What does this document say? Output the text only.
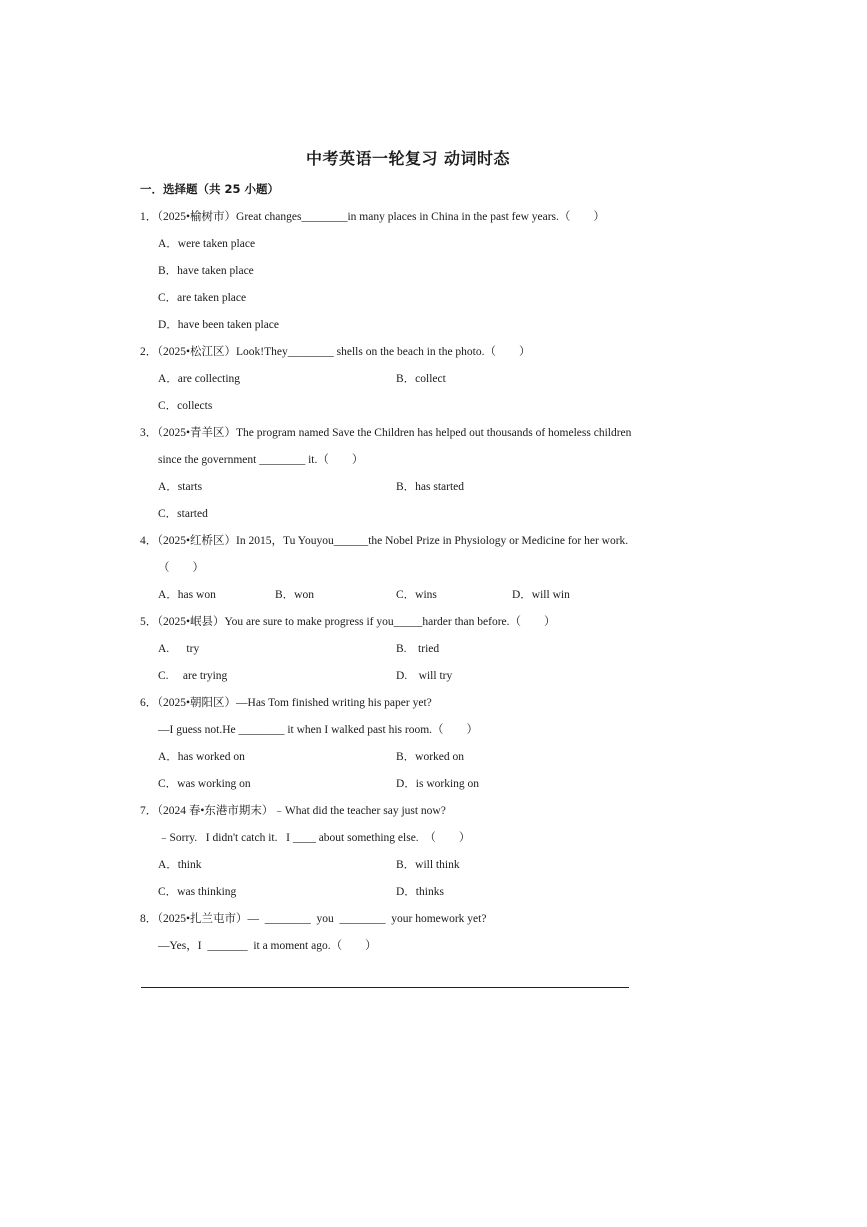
中考英语一轮复习 动词时态
一．选择题（共 25 小题）
1．（2025•榆树市）Great changes________in many places in China in the past few years.（　　）
A．were taken place
B．have taken place
C．are taken place
D．have been taken place
2．（2025•松江区）Look!They________ shells on the beach in the photo.（　　）
A．are collecting	B．collect
C．collects
3．（2025•青羊区）The program named Save the Children has helped out thousands of homeless children
since the government ________ it.（　　）
A．starts	B．has started
C．started
4．（2025•红桥区）In 2015，Tu Youyou______the Nobel Prize in Physiology or Medicine for her work.
（　　）
A．has won	B．won	C．wins	D．will win
5．（2025•岷县）You are sure to make progress if you_____harder than before.（　　）
A.      try	B.    tried
C.     are trying	D.    will try
6．（2025•朝阳区）—Has Tom finished writing his paper yet?
—I guess not.He ________ it when I walked past his room.（　　）
A．has worked on	B．worked on
C．was working on	D．is working on
7．（2024 春•东港市期末）﹣What did the teacher say just now?
﹣Sorry.   I didn't catch it.   I ____ about something else.  （　　）
A．think	B．will think
C．was thinking	D．thinks
8．（2025•扎兰屯市）—  ________  you  ________  your homework yet?
—Yes，I  _______  it a moment ago.（　　）
